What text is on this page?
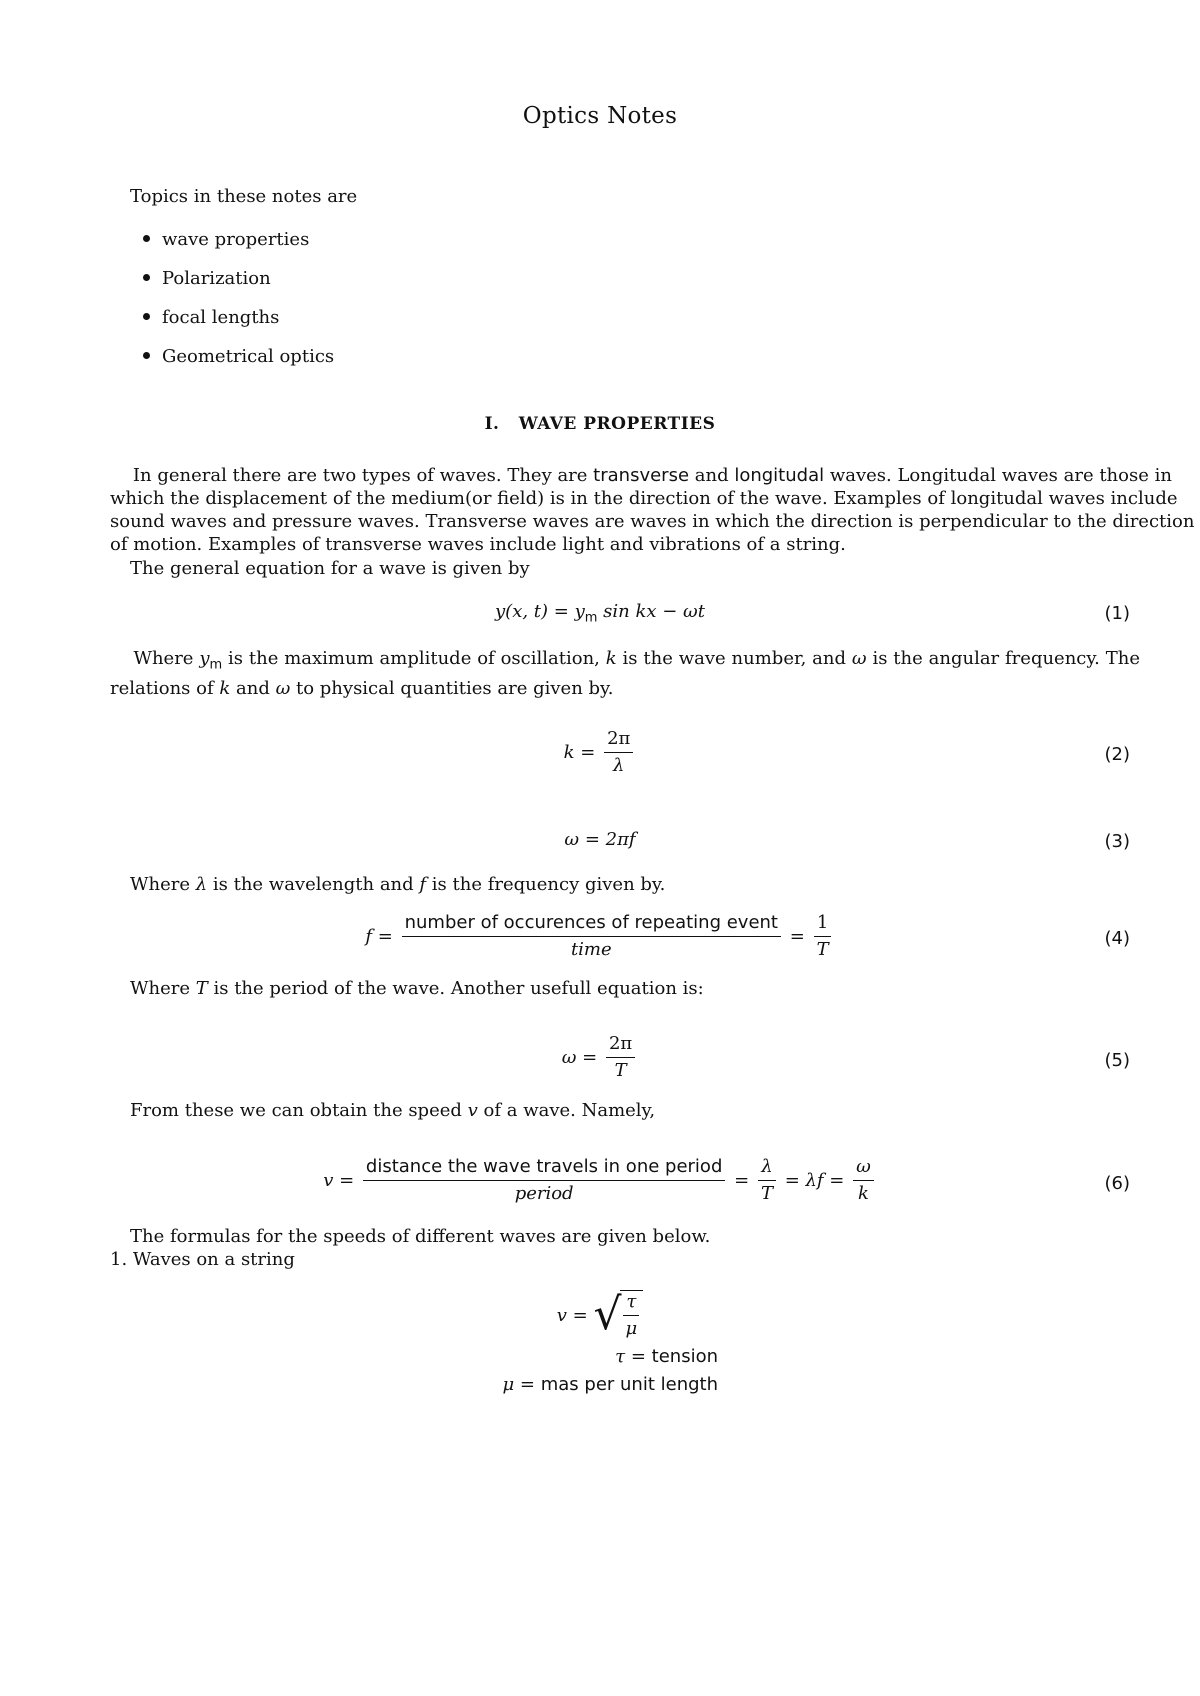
Optics Notes
Topics in these notes are
wave properties
Polarization
focal lengths
Geometrical optics
I. WAVE PROPERTIES
In general there are two types of waves. They are transverse and longitudal waves. Longitudal waves are those in
which the displacement of the medium(or field) is in the direction of the wave. Examples of longitudal waves include
sound waves and pressure waves. Transverse waves are waves in which the direction is perpendicular to the direction
of motion. Examples of transverse waves include light and vibrations of a string.
The general equation for a wave is given by
y(x, $t) = y_m$ sin kx − ωt	(1)
Where $y_m$ is the maximum amplitude of oscillation, k is the wave number, and ω is the angular frequency. The
relations of k and ω to physical quantities are given by.
$k = \frac{2\pi}{\lambda}$	(2)
ω = 2πf	(3)
Where λ is the wavelength and f is the frequency given by.
$f = \frac{\text{number of occurences of repeating event}}{\text{time}} = \frac{1}{T}$	(4)
Where T is the period of the wave. Another usefull equation is:
$\omega = \frac{2\pi}{T}$	(5)
From these we can obtain the speed v of a wave. Namely,
$v = \frac{\text{distance the wave travels in one period}}{\text{period}} = \frac{\lambda}{T} = \lambda f = \frac{\omega}{k}$	(6)
The formulas for the speeds of different waves are given below.
1. Waves on a string
v = √ $\frac{\tau}{\mu}$
τ = tension
μ = mas per unit length
